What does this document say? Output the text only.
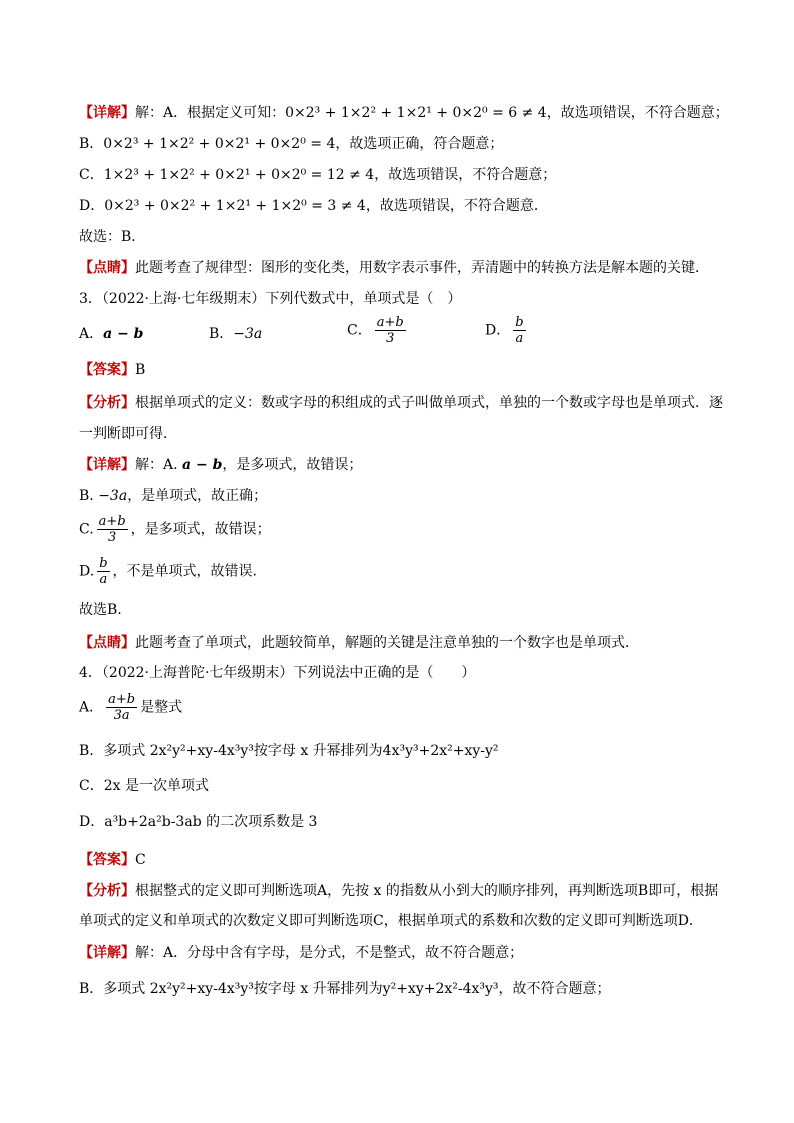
【详解】解：A．根据定义可知：0×2³ + 1×2² + 1×2¹ + 0×2⁰ = 6 ≠ 4，故选项错误，不符合题意；
B．0×2³ + 1×2² + 0×2¹ + 0×2⁰ = 4，故选项正确，符合题意；
C．1×2³ + 1×2² + 0×2¹ + 0×2⁰ = 12 ≠ 4，故选项错误，不符合题意；
D．0×2³ + 0×2² + 1×2¹ + 1×2⁰ = 3 ≠ 4，故选项错误，不符合题意．
故选：B．
【点睛】此题考查了规律型：图形的变化类，用数字表示事件，弄清题中的转换方法是解本题的关键．
3．（2022·上海·七年级期末）下列代数式中，单项式是（　）
A．a − b	B．−3a	C． $\frac{a+b}{3}$	D． $\frac{b}{a}$
【答案】B
【分析】根据单项式的定义：数或字母的积组成的式子叫做单项式，单独的一个数或字母也是单项式．逐
一判断即可得．
【详解】解：A. a − b，是多项式，故错误；
B. −3a，是单项式，故正确；
C. $\frac{a+b}{3}$ ，是多项式，故错误；
D. $\frac{b}{a}$ ，不是单项式，故错误.
故选B.
【点睛】此题考查了单项式，此题较简单，解题的关键是注意单独的一个数字也是单项式．
4．（2022·上海普陀·七年级期末）下列说法中正确的是（　　）
A． $\frac{a+b}{3a}$ 是整式
B．多项式 2x²y²+xy-4x³y³按字母 x 升幂排列为4x³y³+2x²+xy-y²
C．2x 是一次单项式
D．a³b+2a²b-3ab 的二次项系数是 3
【答案】C
【分析】根据整式的定义即可判断选项A，先按 x 的指数从小到大的顺序排列，再判断选项B即可，根据
单项式的定义和单项式的次数定义即可判断选项C，根据单项式的系数和次数的定义即可判断选项D．
【详解】解：A．分母中含有字母，是分式，不是整式，故不符合题意；
B．多项式 2x²y²+xy-4x³y³按字母 x 升幂排列为y²+xy+2x²-4x³y³，故不符合题意；
